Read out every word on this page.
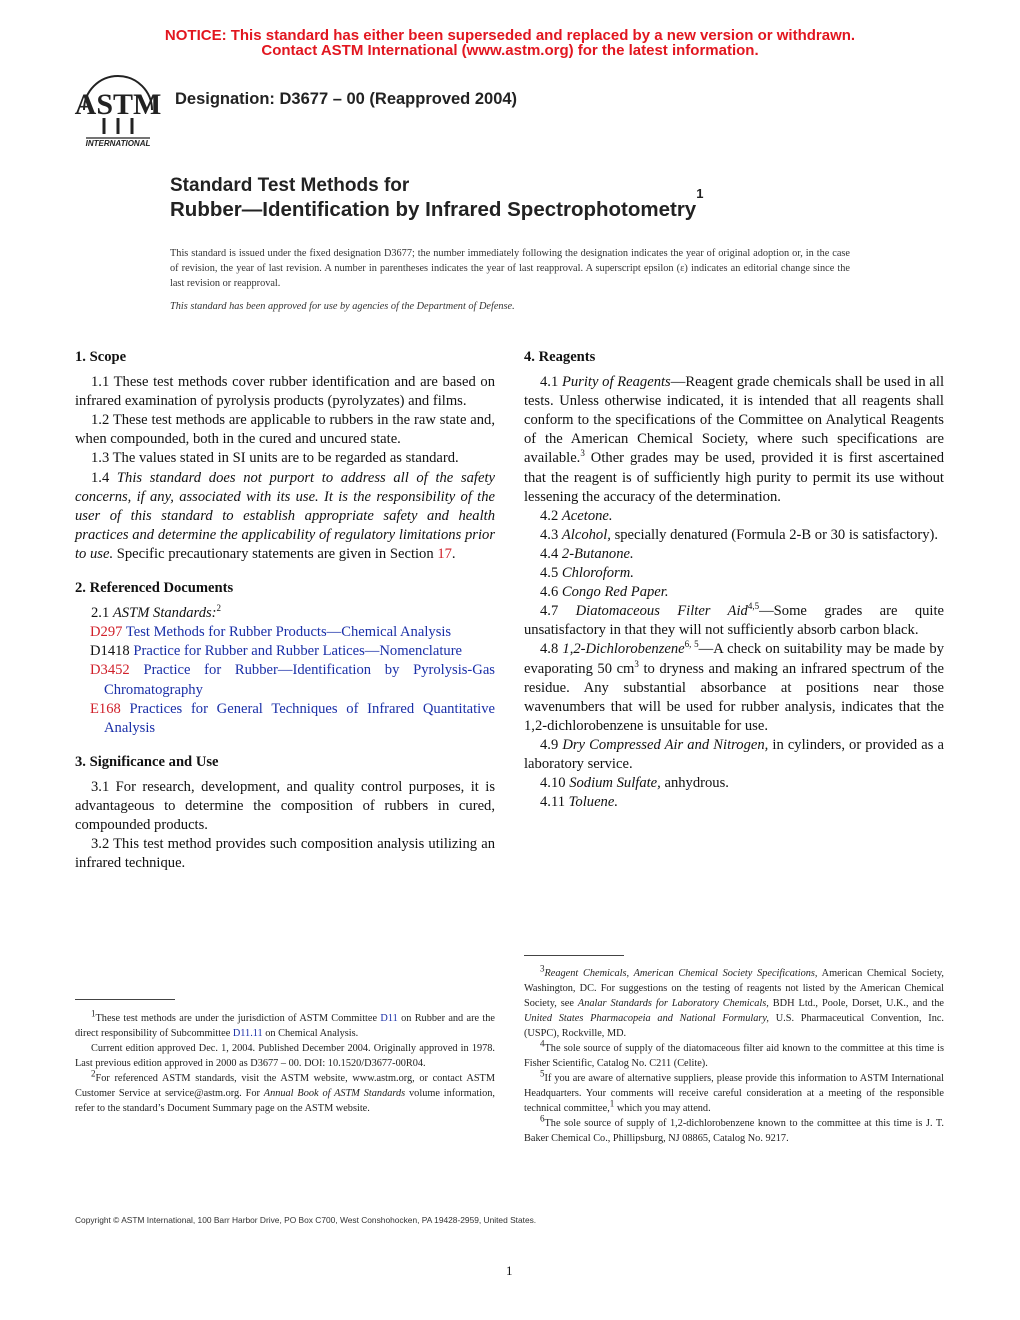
NOTICE: This standard has either been superseded and replaced by a new version or withdrawn.
Contact ASTM International (www.astm.org) for the latest information.
ASTM
INTERNATIONAL
Designation: D3677 – 00 (Reapproved 2004)
Standard Test Methods for
Rubber—Identification by Infrared Spectrophotometry$^1$
This standard is issued under the fixed designation D3677; the number immediately following the designation indicates the year of original adoption or, in the case of revision, the year of last revision. A number in parentheses indicates the year of last reapproval. A superscript epsilon (ε) indicates an editorial change since the last revision or reapproval.
This standard has been approved for use by agencies of the Department of Defense.
1. Scope

1.1 These test methods cover rubber identification and are based on infrared examination of pyrolysis products (pyrolyzates) and films.

1.2 These test methods are applicable to rubbers in the raw state and, when compounded, both in the cured and uncured state.

1.3 The values stated in SI units are to be regarded as standard.

1.4 This standard does not purport to address all of the safety concerns, if any, associated with its use. It is the responsibility of the user of this standard to establish appropriate safety and health practices and determine the applicability of regulatory limitations prior to use. Specific precautionary statements are given in Section 17.

2. Referenced Documents

2.1 ASTM Standards:$^2$

D297 Test Methods for Rubber Products—Chemical Analysis

D1418 Practice for Rubber and Rubber Latices—Nomenclature

D3452 Practice for Rubber—Identification by Pyrolysis-Gas Chromatography

E168 Practices for General Techniques of Infrared Quantitative Analysis

3. Significance and Use

3.1 For research, development, and quality control purposes, it is advantageous to determine the composition of rubbers in cured, compounded products.

3.2 This test method provides such composition analysis utilizing an infrared technique.

$^1$These test methods are under the jurisdiction of ASTM Committee D11 on Rubber and are the direct responsibility of Subcommittee D11.11 on Chemical Analysis.

Current edition approved Dec. 1, 2004. Published December 2004. Originally approved in 1978. Last previous edition approved in 2000 as D3677 – 00. DOI: 10.1520/D3677-00R04.

$^2$For referenced ASTM standards, visit the ASTM website, www.astm.org, or contact ASTM Customer Service at service@astm.org. For Annual Book of ASTM Standards volume information, refer to the standard’s Document Summary page on the ASTM website.

4. Reagents

4.1 Purity of Reagents—Reagent grade chemicals shall be used in all tests. Unless otherwise indicated, it is intended that all reagents shall conform to the specifications of the Committee on Analytical Reagents of the American Chemical Society, where such specifications are available.$^3$ Other grades may be used, provided it is first ascertained that the reagent is of sufficiently high purity to permit its use without lessening the accuracy of the determination.

4.2 Acetone.

4.3 Alcohol, specially denatured (Formula 2-B or 30 is satisfactory).

4.4 2-Butanone.

4.5 Chloroform.

4.6 Congo Red Paper.

4.7 Diatomaceous Filter Aid$^{4,5}$—Some grades are quite unsatisfactory in that they will not sufficiently absorb carbon black.

4.8 1,2-Dichlorobenzene$^{6, 5}$—A check on suitability may be made by evaporating 50 $cm^3$ to dryness and making an infrared spectrum of the residue. Any substantial absorbance at positions near those wavenumbers that will be used for rubber analysis, indicates that the 1,2-dichlorobenzene is unsuitable for use.

4.9 Dry Compressed Air and Nitrogen, in cylinders, or provided as a laboratory service.

4.10 Sodium Sulfate, anhydrous.

4.11 Toluene.

$^3$Reagent Chemicals, American Chemical Society Specifications, American Chemical Society, Washington, DC. For suggestions on the testing of reagents not listed by the American Chemical Society, see Analar Standards for Laboratory Chemicals, BDH Ltd., Poole, Dorset, U.K., and the United States Pharmacopeia and National Formulary, U.S. Pharmaceutical Convention, Inc. (USPC), Rockville, MD.

$^4$The sole source of supply of the diatomaceous filter aid known to the committee at this time is Fisher Scientific, Catalog No. C211 (Celite).

$^5$If you are aware of alternative suppliers, please provide this information to ASTM International Headquarters. Your comments will receive careful consideration at a meeting of the responsible technical committee,$^1$ which you may attend.

$^6$The sole source of supply of 1,2-dichlorobenzene known to the committee at this time is J. T. Baker Chemical Co., Phillipsburg, NJ 08865, Catalog No. 9217.

Copyright © ASTM International, 100 Barr Harbor Drive, PO Box C700, West Conshohocken, PA 19428-2959, United States.
1
